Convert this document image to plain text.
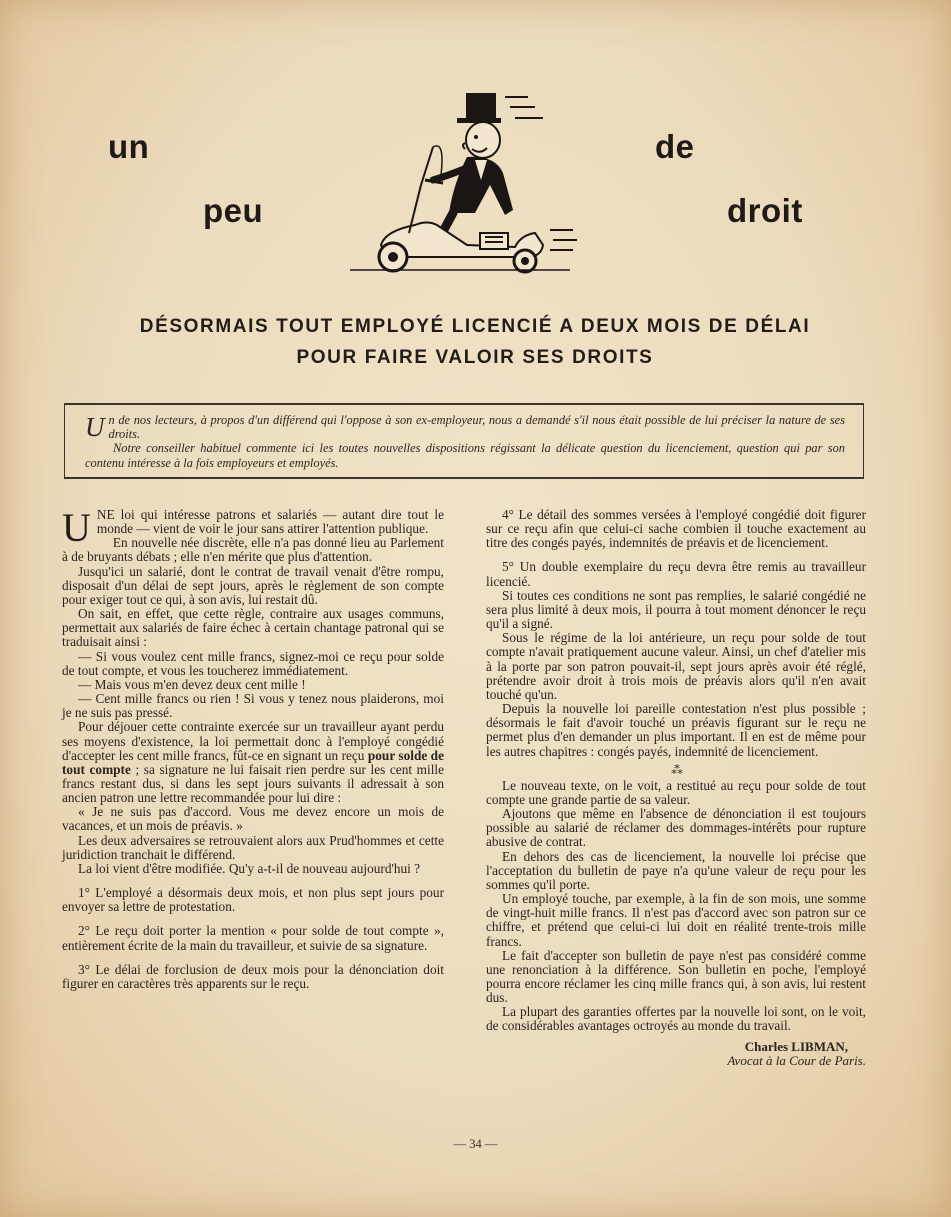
un
peu
de
droit
DÉSORMAIS TOUT EMPLOYÉ LICENCIÉ A DEUX MOIS DE DÉLAI
POUR FAIRE VALOIR SES DROITS
U n de nos lecteurs, à propos d'un différend qui l'oppose à son ex-employeur, nous a demandé s'il nous était possible de lui préciser la nature de ses droits.

Notre conseiller habituel commente ici les toutes nouvelles dispositions régissant la délicate question du licenciement, question qui par son contenu intéresse à la fois employeurs et employés.

U NE loi qui intéresse patrons et salariés — autant dire tout le monde — vient de voir le jour sans attirer l'attention publique.

En nouvelle née discrète, elle n'a pas donné lieu au Parlement à de bruyants débats ; elle n'en mérite que plus d'attention.

Jusqu'ici un salarié, dont le contrat de travail venait d'être rompu, disposait d'un délai de sept jours, après le règlement de son compte pour exiger tout ce qui, à son avis, lui restait dû.

On sait, en effet, que cette règle, contraire aux usages communs, permettait aux salariés de faire échec à certain chantage patronal qui se traduisait ainsi :

— Si vous voulez cent mille francs, signez-moi ce reçu pour solde de tout compte, et vous les toucherez immédiatement.

— Mais vous m'en devez deux cent mille !

— Cent mille francs ou rien ! Si vous y tenez nous plaiderons, moi je ne suis pas pressé.

Pour déjouer cette contrainte exercée sur un travailleur ayant perdu ses moyens d'existence, la loi permettait donc à l'employé congédié d'accepter les cent mille francs, fût-ce en signant un reçu pour solde de tout compte ; sa signature ne lui faisait rien perdre sur les cent mille francs restant dus, si dans les sept jours suivants il adressait à son ancien patron une lettre recommandée pour lui dire :

« Je ne suis pas d'accord. Vous me devez encore un mois de vacances, et un mois de préavis. »

Les deux adversaires se retrouvaient alors aux Prud'hommes et cette juridiction tranchait le différend.

La loi vient d'être modifiée. Qu'y a-t-il de nouveau aujourd'hui ?

1° L'employé a désormais deux mois, et non plus sept jours pour envoyer sa lettre de protestation.

2° Le reçu doit porter la mention « pour solde de tout compte », entièrement écrite de la main du travailleur, et suivie de sa signature.

3° Le délai de forclusion de deux mois pour la dénonciation doit figurer en caractères très apparents sur le reçu.

4° Le détail des sommes versées à l'employé congédié doit figurer sur ce reçu afin que celui-ci sache combien il touche exactement au titre des congés payés, indemnités de préavis et de licenciement.

5° Un double exemplaire du reçu devra être remis au travailleur licencié.

Si toutes ces conditions ne sont pas remplies, le salarié congédié ne sera plus limité à deux mois, il pourra à tout moment dénoncer le reçu qu'il a signé.

Sous le régime de la loi antérieure, un reçu pour solde de tout compte n'avait pratiquement aucune valeur. Ainsi, un chef d'atelier mis à la porte par son patron pouvait-il, sept jours après avoir été réglé, prétendre avoir droit à trois mois de préavis alors qu'il n'en avait touché qu'un.

Depuis la nouvelle loi pareille contestation n'est plus possible ; désormais le fait d'avoir touché un préavis figurant sur le reçu ne permet plus d'en demander un plus important. Il en est de même pour les autres chapitres : congés payés, indemnité de licenciement.

⁂

Le nouveau texte, on le voit, a restitué au reçu pour solde de tout compte une grande partie de sa valeur.

Ajoutons que même en l'absence de dénonciation il est toujours possible au salarié de réclamer des dommages-intérêts pour rupture abusive de contrat.

En dehors des cas de licenciement, la nouvelle loi précise que l'acceptation du bulletin de paye n'a qu'une valeur de reçu pour les sommes qu'il porte.

Un employé touche, par exemple, à la fin de son mois, une somme de vingt-huit mille francs. Il n'est pas d'accord avec son patron sur ce chiffre, et prétend que celui-ci lui doit en réalité trente-trois mille francs.

Le fait d'accepter son bulletin de paye n'est pas considéré comme une renonciation à la différence. Son bulletin en poche, l'employé pourra encore réclamer les cinq mille francs qui, à son avis, lui restent dus.

La plupart des garanties offertes par la nouvelle loi sont, on le voit, de considérables avantages octroyés au monde du travail.

Charles LIBMAN,
Avocat à la Cour de Paris.
— 34 —
